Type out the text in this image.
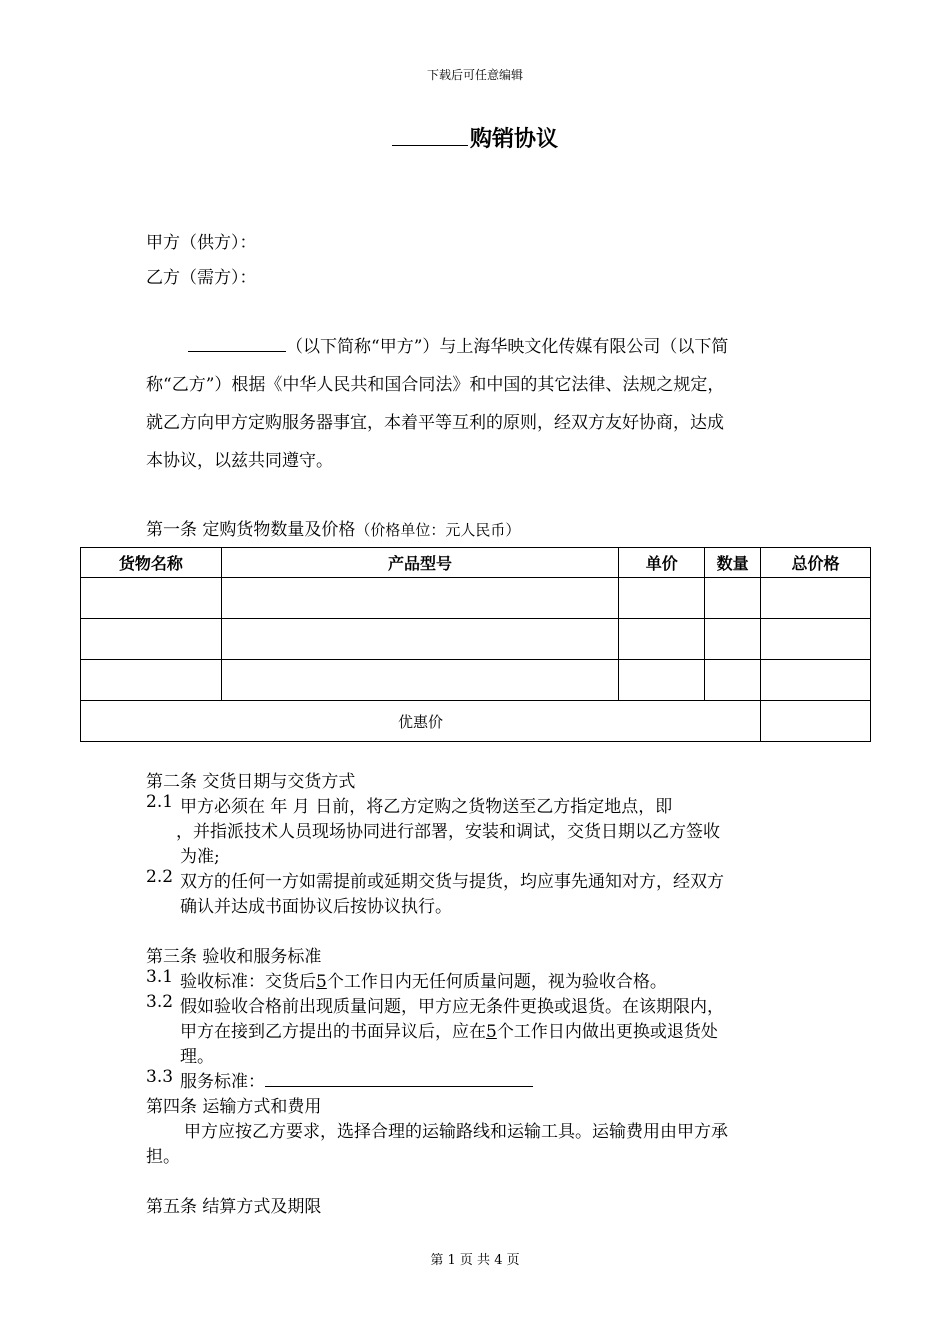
下载后可任意编辑
购销协议
甲方（供方）：
乙方（需方）：
（以下简称“甲方”）与上海华映文化传媒有限公司（以下简
称“乙方”）根据《中华人民共和国合同法》和中国的其它法律、法规之规定，
就乙方向甲方定购服务器事宜，本着平等互利的原则，经双方友好协商，达成
本协议，以兹共同遵守。
第一条 定购货物数量及价格（价格单位：元人民币）
货物名称	产品型号	单价	数量	总价格

优惠价				
第二条 交货日期与交货方式
2.1 甲方必须在 年 月 日前，将乙方定购之货物送至乙方指定地点，即
，并指派技术人员现场协同进行部署，安装和调试，交货日期以乙方签收
为准;
2.2 双方的任何一方如需提前或延期交货与提货，均应事先通知对方，经双方
确认并达成书面协议后按协议执行。
第三条 验收和服务标准
3.1 验收标准：交货后5个工作日内无任何质量问题，视为验收合格。
3.2 假如验收合格前出现质量问题，甲方应无条件更换或退货。在该期限内，
甲方在接到乙方提出的书面异议后，应在5个工作日内做出更换或退货处
理。
3.3 服务标准：
第四条 运输方式和费用
甲方应按乙方要求，选择合理的运输路线和运输工具。运输费用由甲方承
担。
第五条 结算方式及期限
第 1 页 共 4 页
